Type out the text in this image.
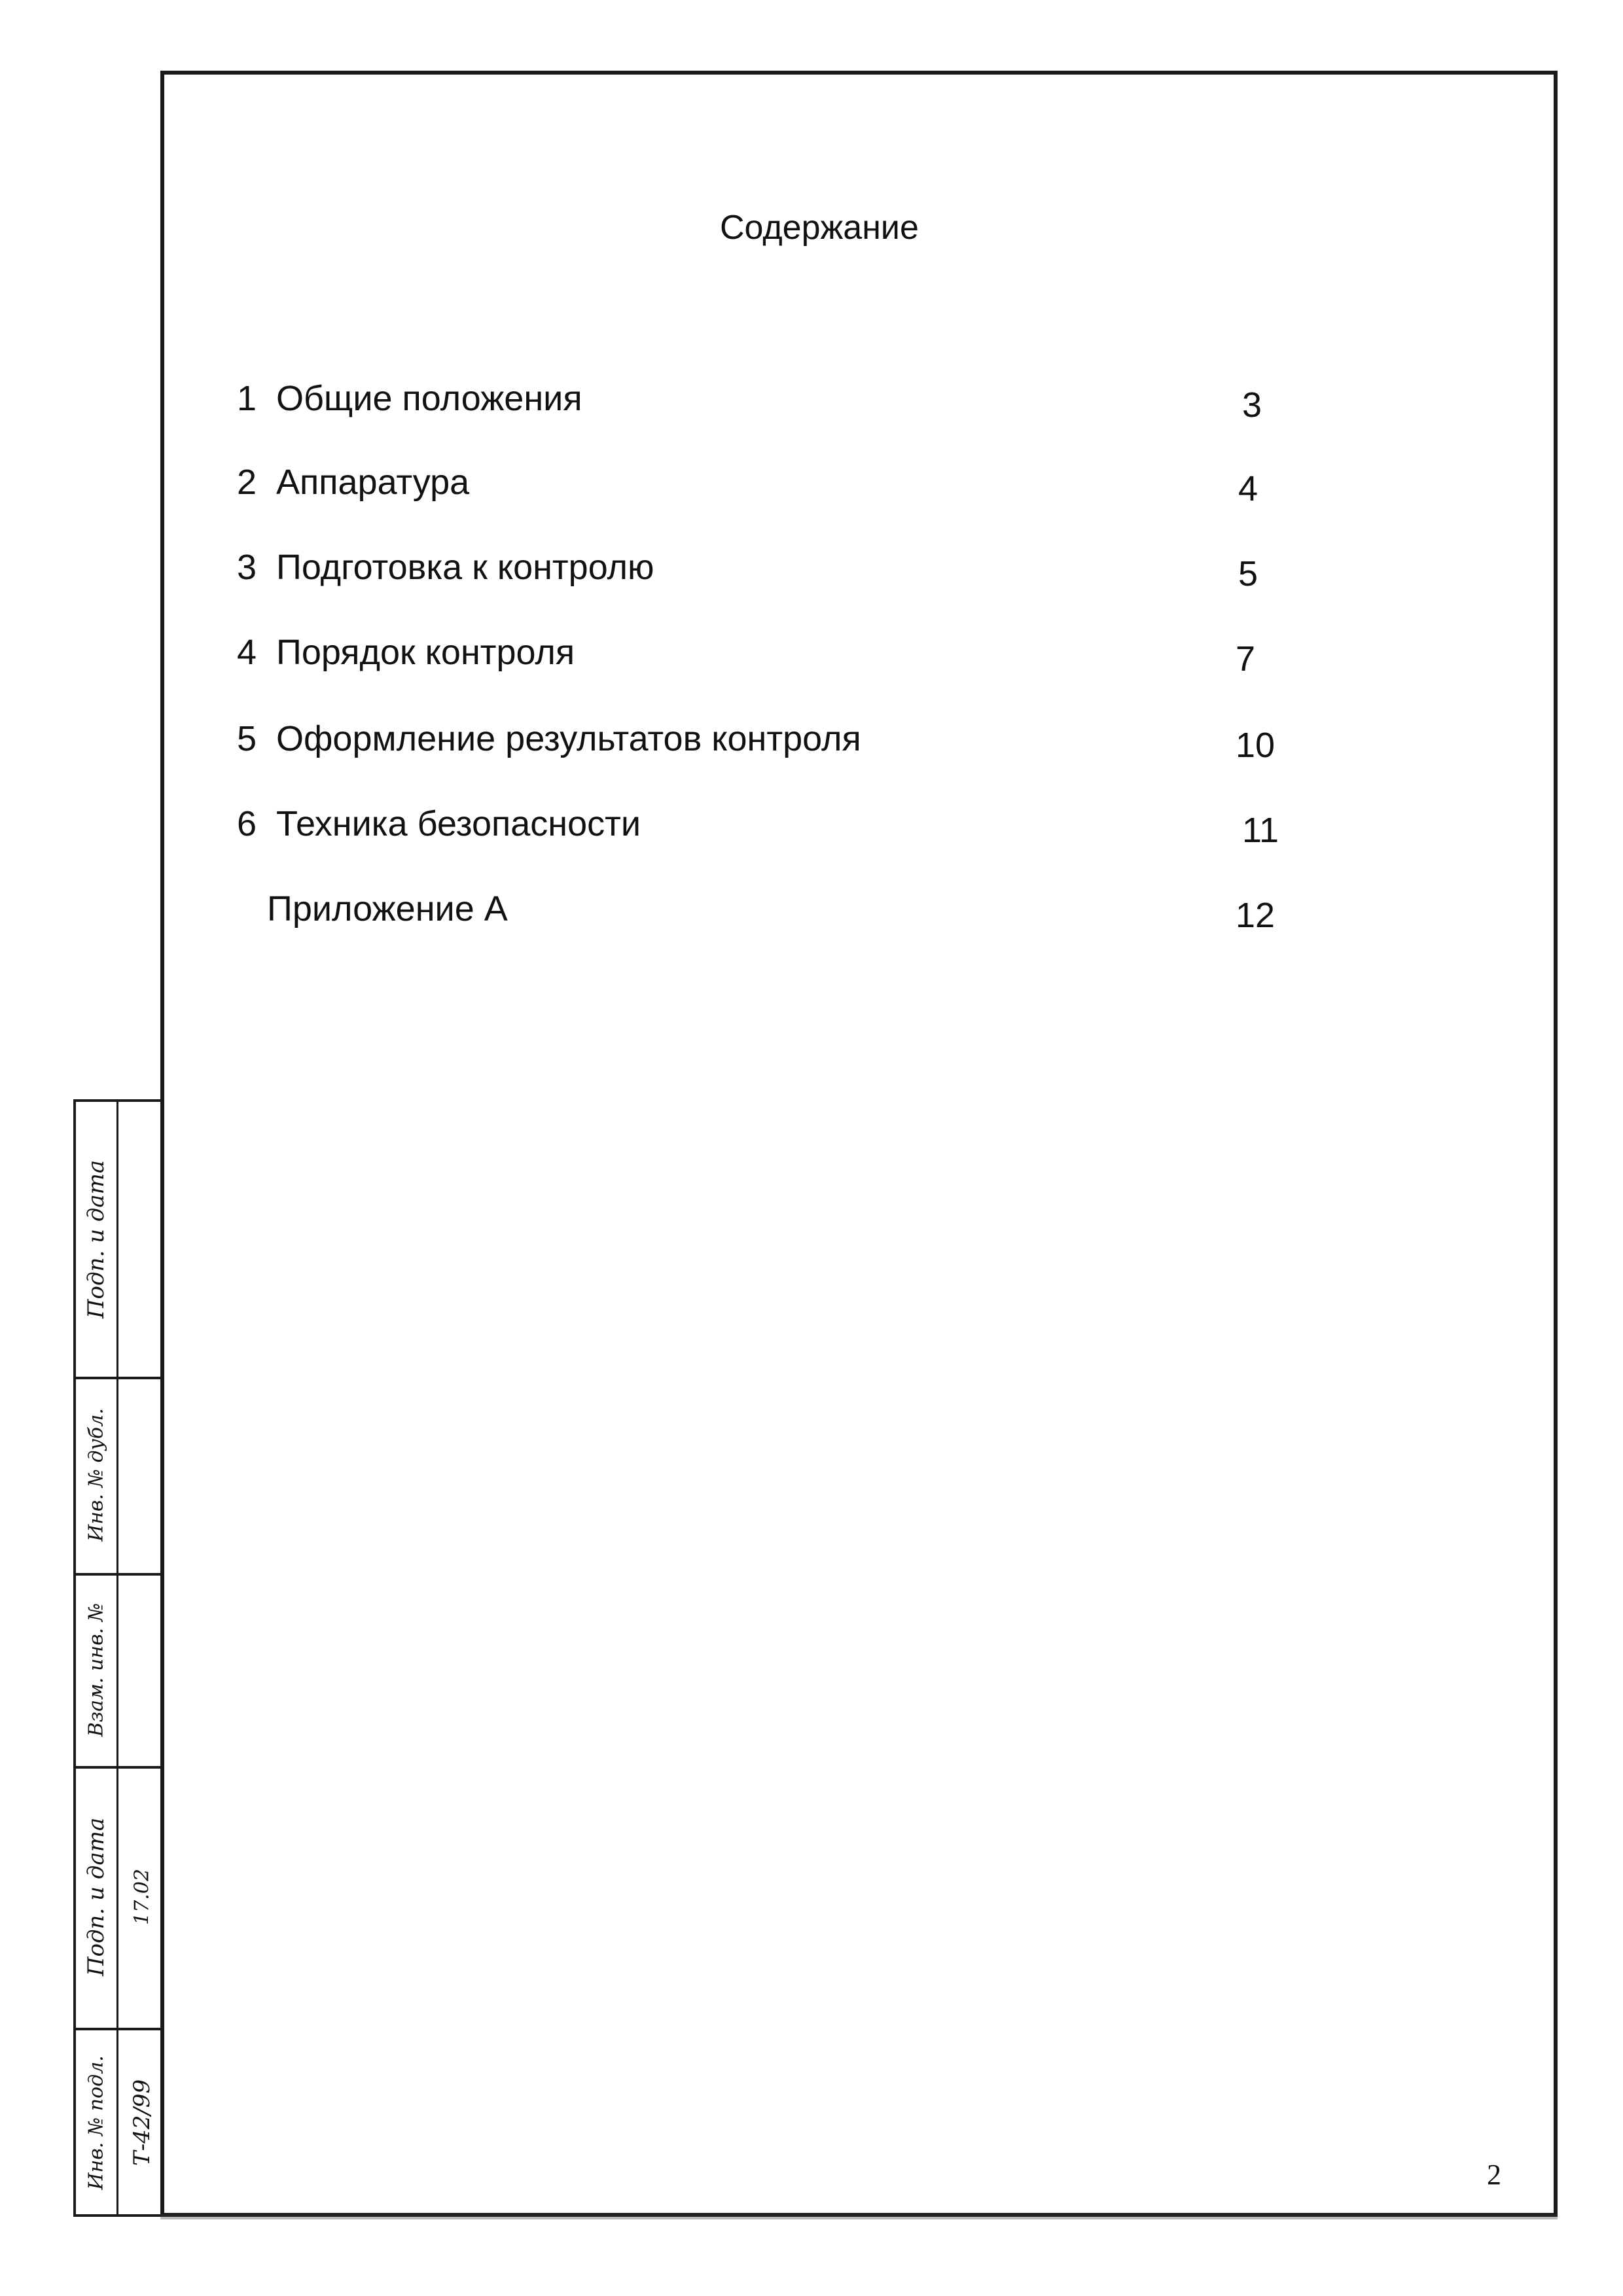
Содержание
1 Общие положения	3
2 Аппаратура	4
3 Подготовка к контролю	5
4 Порядок контроля	7
5 Оформление результатов контроля	10
6 Техника безопасности	11
Приложение А	12
2
Подп. и дата
Инв. № дубл.
Взам. инв. №
Подп. и дата 17.02
Инв. № подл. Т-42/99
